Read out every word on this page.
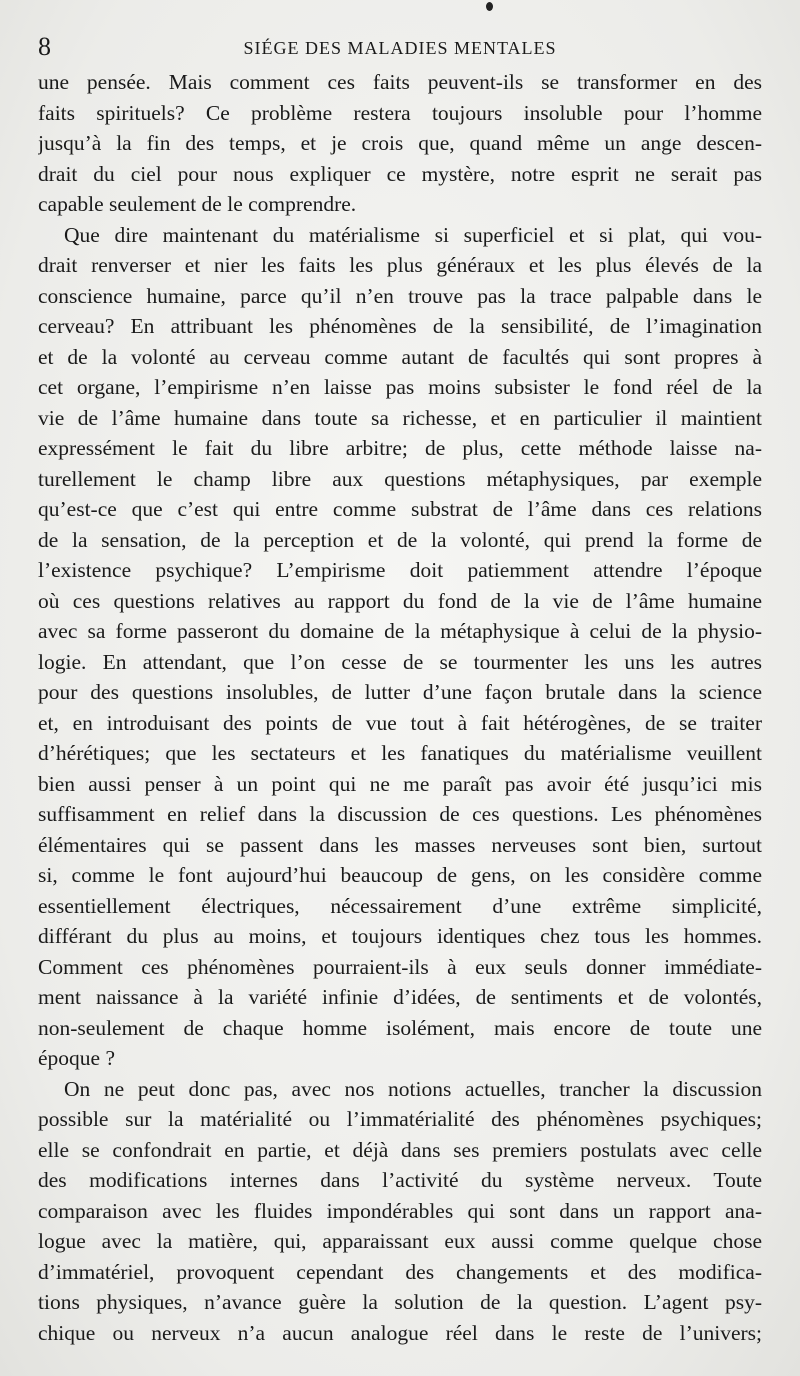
8	SIÉGE DES MALADIES MENTALES
une pensée. Mais comment ces faits peuvent-ils se transformer en des
faits spirituels? Ce problème restera toujours insoluble pour l’homme
jusqu’à la fin des temps, et je crois que, quand même un ange descen-
drait du ciel pour nous expliquer ce mystère, notre esprit ne serait pas
capable seulement de le comprendre.
Que dire maintenant du matérialisme si superficiel et si plat, qui vou-
drait renverser et nier les faits les plus généraux et les plus élevés de la
conscience humaine, parce qu’il n’en trouve pas la trace palpable dans le
cerveau? En attribuant les phénomènes de la sensibilité, de l’imagination
et de la volonté au cerveau comme autant de facultés qui sont propres à
cet organe, l’empirisme n’en laisse pas moins subsister le fond réel de la
vie de l’âme humaine dans toute sa richesse, et en particulier il maintient
expressément le fait du libre arbitre; de plus, cette méthode laisse na-
turellement le champ libre aux questions métaphysiques, par exemple
qu’est-ce que c’est qui entre comme substrat de l’âme dans ces relations
de la sensation, de la perception et de la volonté, qui prend la forme de
l’existence psychique? L’empirisme doit patiemment attendre l’époque
où ces questions relatives au rapport du fond de la vie de l’âme humaine
avec sa forme passeront du domaine de la métaphysique à celui de la physio-
logie. En attendant, que l’on cesse de se tourmenter les uns les autres
pour des questions insolubles, de lutter d’une façon brutale dans la science
et, en introduisant des points de vue tout à fait hétérogènes, de se traiter
d’hérétiques; que les sectateurs et les fanatiques du matérialisme veuillent
bien aussi penser à un point qui ne me paraît pas avoir été jusqu’ici mis
suffisamment en relief dans la discussion de ces questions. Les phénomènes
élémentaires qui se passent dans les masses nerveuses sont bien, surtout
si, comme le font aujourd’hui beaucoup de gens, on les considère comme
essentiellement électriques, nécessairement d’une extrême simplicité,
différant du plus au moins, et toujours identiques chez tous les hommes.
Comment ces phénomènes pourraient-ils à eux seuls donner immédiate-
ment naissance à la variété infinie d’idées, de sentiments et de volontés,
non-seulement de chaque homme isolément, mais encore de toute une
époque ?
On ne peut donc pas, avec nos notions actuelles, trancher la discussion
possible sur la matérialité ou l’immatérialité des phénomènes psychiques;
elle se confondrait en partie, et déjà dans ses premiers postulats avec celle
des modifications internes dans l’activité du système nerveux. Toute
comparaison avec les fluides impondérables qui sont dans un rapport ana-
logue avec la matière, qui, apparaissant eux aussi comme quelque chose
d’immatériel, provoquent cependant des changements et des modifica-
tions physiques, n’avance guère la solution de la question. L’agent psy-
chique ou nerveux n’a aucun analogue réel dans le reste de l’univers;
